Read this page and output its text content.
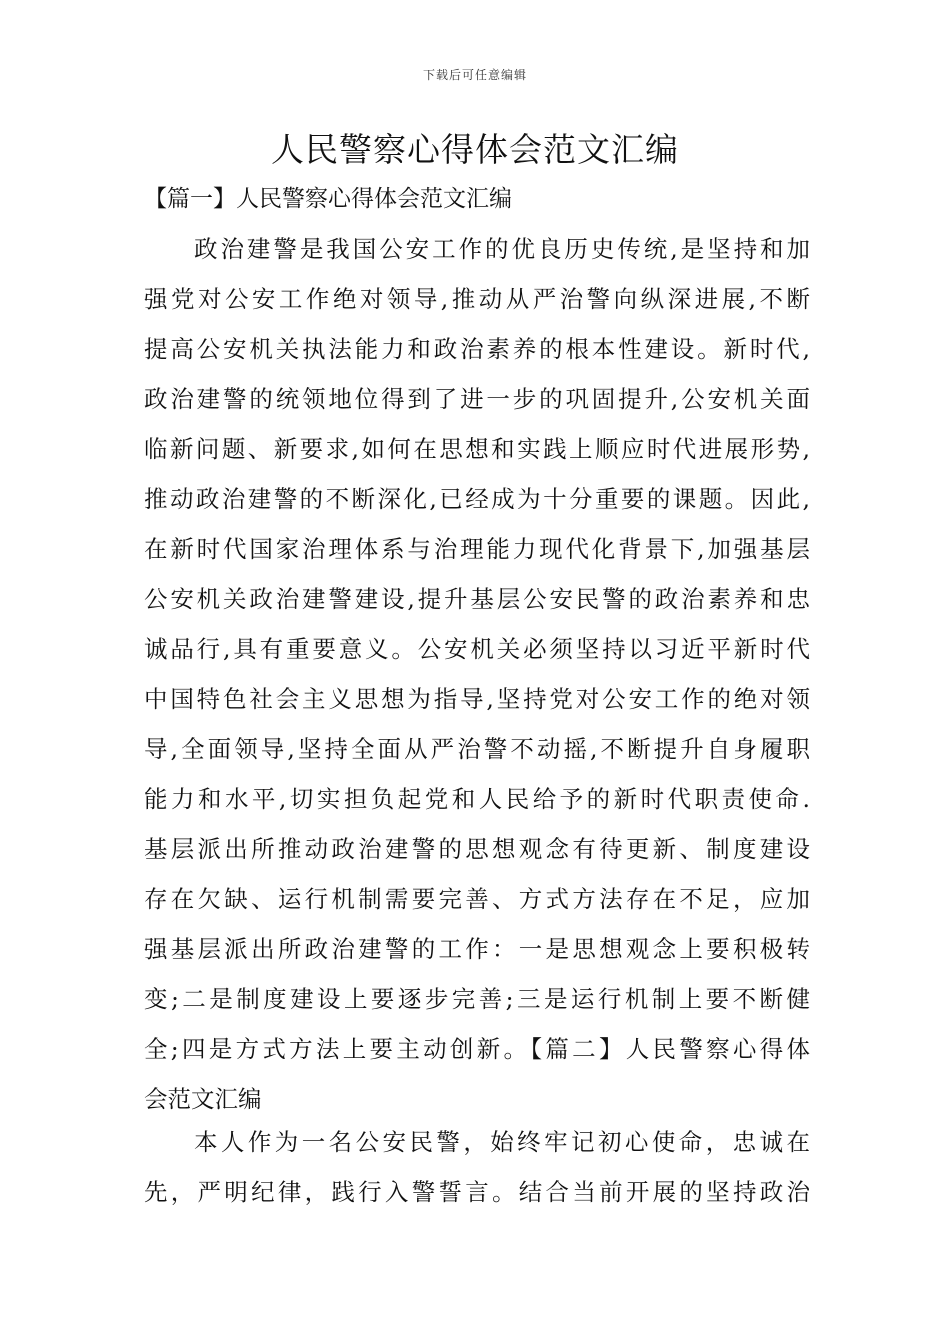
下载后可任意编辑
人民警察心得体会范文汇编
【篇一】人民警察心得体会范文汇编
政治建警是我国公安工作的优良历史传统,是坚持和加
强党对公安工作绝对领导,推动从严治警向纵深进展,不断
提高公安机关执法能力和政治素养的根本性建设。新时代,
政治建警的统领地位得到了进一步的巩固提升,公安机关面
临新问题、新要求,如何在思想和实践上顺应时代进展形势,
推动政治建警的不断深化,已经成为十分重要的课题。因此,
在新时代国家治理体系与治理能力现代化背景下,加强基层
公安机关政治建警建设,提升基层公安民警的政治素养和忠
诚品行,具有重要意义。公安机关必须坚持以习近平新时代
中国特色社会主义思想为指导,坚持党对公安工作的绝对领
导,全面领导,坚持全面从严治警不动摇,不断提升自身履职
能力和水平,切实担负起党和人民给予的新时代职责使命.
基层派出所推动政治建警的思想观念有待更新、制度建设
存在欠缺、运行机制需要完善、方式方法存在不足，应加
强基层派出所政治建警的工作：一是思想观念上要积极转
变;二是制度建设上要逐步完善;三是运行机制上要不断健
全;四是方式方法上要主动创新。【篇二】人民警察心得体
会范文汇编
本人作为一名公安民警，始终牢记初心使命，忠诚在
先，严明纪律，践行入警誓言。结合当前开展的坚持政治
